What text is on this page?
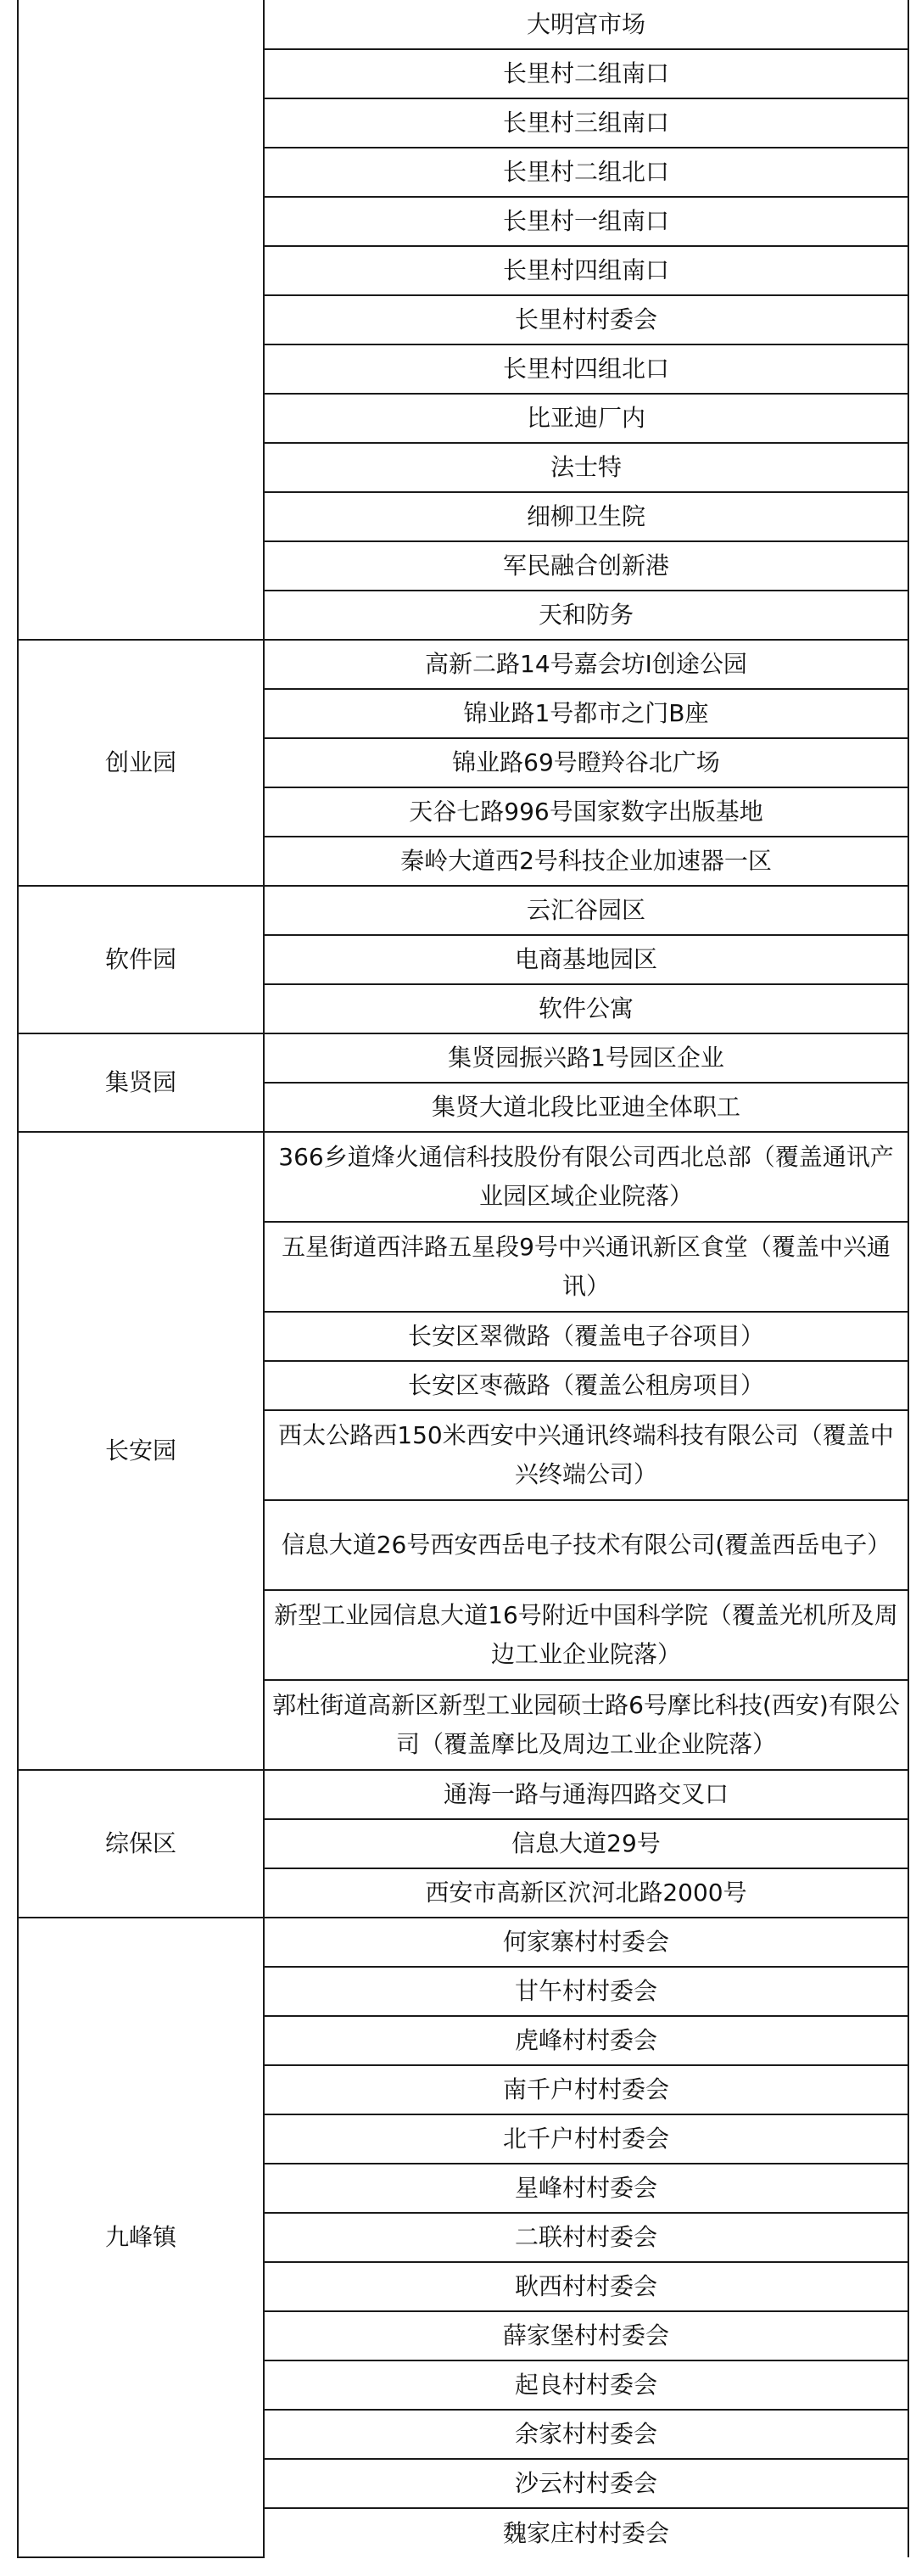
	大明宫市场
	长里村二组南口
	长里村三组南口
	长里村二组北口
	长里村一组南口
	长里村四组南口
	长里村村委会
	长里村四组北口
	比亚迪厂内
	法士特
	细柳卫生院
	军民融合创新港
	天和防务
创业园	高新二路14号嘉会坊I创途公园
	锦业路1号都市之门B座
	锦业路69号瞪羚谷北广场
	天谷七路996号国家数字出版基地
	秦岭大道西2号科技企业加速器一区
软件园	云汇谷园区
	电商基地园区
	软件公寓
集贤园	集贤园振兴路1号园区企业
	集贤大道北段比亚迪全体职工
长安园	366乡道烽火通信科技股份有限公司西北总部（覆盖通讯产业园区域企业院落）
	五星街道西沣路五星段9号中兴通讯新区食堂（覆盖中兴通讯）
	长安区翠微路（覆盖电子谷项目）
	长安区枣薇路（覆盖公租房项目）
	西太公路西150米西安中兴通讯终端科技有限公司（覆盖中兴终端公司）
	信息大道26号西安西岳电子技术有限公司(覆盖西岳电子）
	新型工业园信息大道16号附近中国科学院（覆盖光机所及周边工业企业院落）
	郭杜街道高新区新型工业园硕士路6号摩比科技(西安)有限公司（覆盖摩比及周边工业企业院落）
综保区	通海一路与通海四路交叉口
	信息大道29号
	西安市高新区泬河北路2000号
九峰镇	何家寨村村委会
	甘午村村委会
	虎峰村村委会
	南千户村村委会
	北千户村村委会
	星峰村村委会
	二联村村委会
	耿西村村委会
	薛家堡村村委会
	起良村村委会
	余家村村委会
	沙云村村委会
	魏家庄村村委会
